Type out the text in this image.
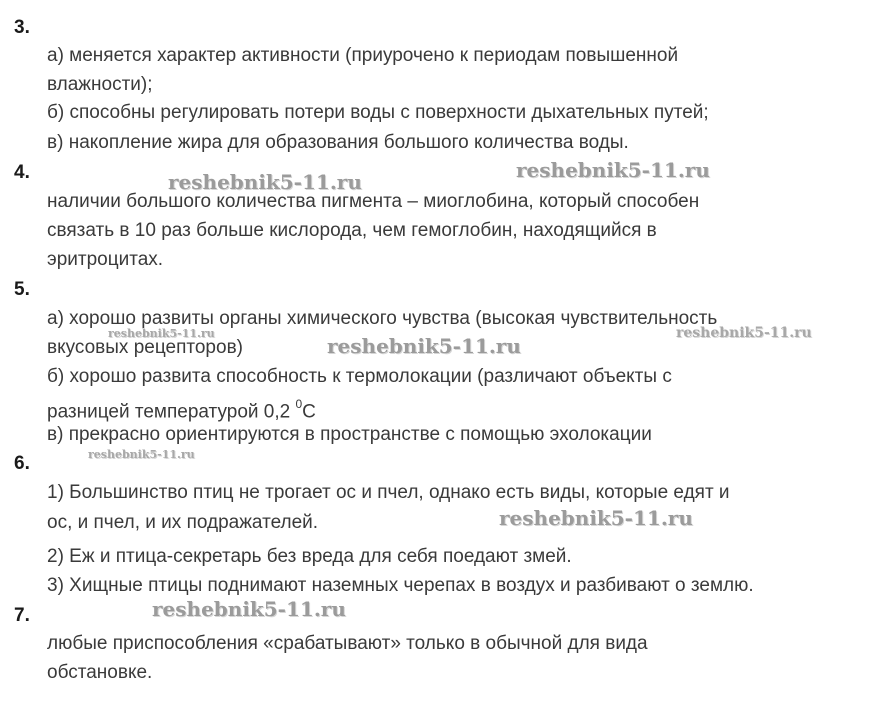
3.
а) меняется характер активности (приурочено к периодам повышенной
влажности);
б) способны регулировать потери воды с поверхности дыхательных путей;
в) накопление жира для образования большого количества воды.
4.
наличии большого количества пигмента – миоглобина, который способен
связать в 10 раз больше кислорода, чем гемоглобин, находящийся в
эритроцитах.
5.
а) хорошо развиты органы химического чувства (высокая чувствительность
вкусовых рецепторов)
б) хорошо развита способность к термолокации (различают объекты с
разницей температурой 0,2 $^0$С
в) прекрасно ориентируются в пространстве с помощью эхолокации
6.
1) Большинство птиц не трогает ос и пчел, однако есть виды, которые едят и
ос, и пчел, и их подражателей.
2) Еж и птица-секретарь без вреда для себя поедают змей.
3) Хищные птицы поднимают наземных черепах в воздух и разбивают о землю.
7.
любые приспособления «срабатывают» только в обычной для вида
обстановке.
reshebnik5-11.ru	reshebnik5-11.ru
reshebnik5-11.ru
reshebnik5-11.ru
reshebnik5-11.ru
reshebnik5-11.ru
reshebnik5-11.ru
reshebnik5-11.ru
